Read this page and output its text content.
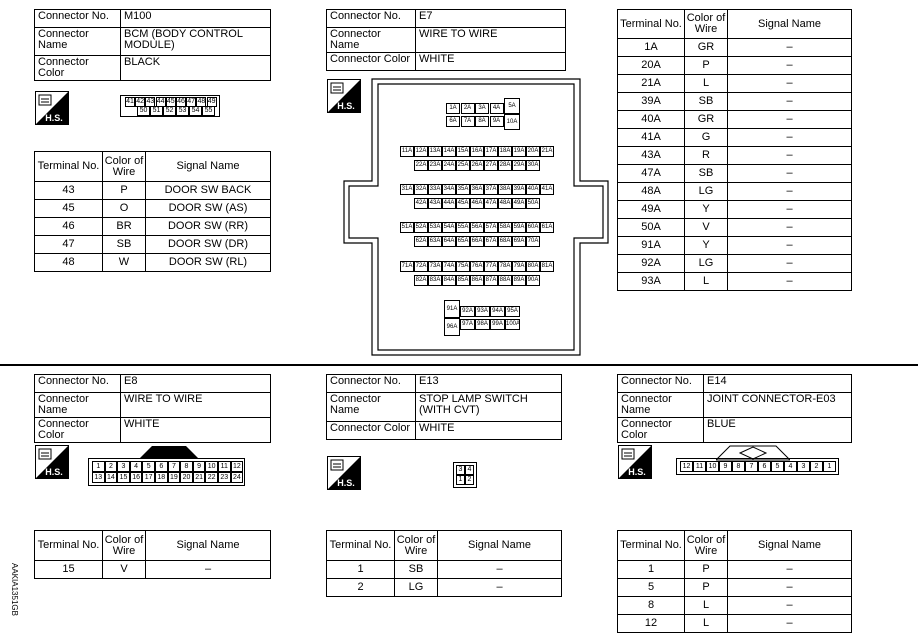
Connector No.	M100
Connector Name	BCM (BODY CONTROL MODULE)
Connector Color	BLACK
H.S.
41 42 43 44 45 46 47 48 49
50 51 52 53 54 55
Terminal No.	Color of Wire	Signal Name
43	P	DOOR SW BACK
45	O	DOOR SW (AS)
46	BR	DOOR SW (RR)
47	SB	DOOR SW (DR)
48	W	DOOR SW (RL)
Connector No.	E7
Connector Name	WIRE TO WIRE
Connector Color	WHITE
H.S.	1A	2A	3A	4A
6A	7A	8A	9A
5A
10A
11A 12A 13A 14A 15A 16A 17A 18A 19A 20A 21A
22A 23A 24A 25A 26A 27A 28A 29A 30A
31A 32A 33A 34A 35A 36A 37A 38A 39A 40A 41A
42A 43A 44A 45A 46A 47A 48A 49A 50A
51A 52A 53A 54A 55A 56A 57A 58A 59A 60A 61A
62A 63A 64A 65A 66A 67A 68A 69A 70A
71A 72A 73A 74A 75A 76A 77A 78A 79A 80A 81A
82A 83A 84A 85A 86A 87A 88A 89A 90A
91A
96A
92A 93A 94A 95A
97A 98A 99A 100A
Terminal No.	Color of Wire	Signal Name
1A	GR	–
20A	P	–
21A	L	–
39A	SB	–
40A	GR	–
41A	G	–
43A	R	–
47A	SB	–
48A	LG	–
49A	Y	–
50A	V	–
91A	Y	–
92A	LG	–
93A	L	–
Connector No.	E8
Connector Name	WIRE TO WIRE
Connector Color	WHITE
H.S.
1	2	3	4	5	6	7	8	9 10 11 12
13 14 15 16 17 18 19 20 21 22 23 24
Terminal No.	Color of Wire	Signal Name
15	V	–
Connector No.	E13
Connector Name	STOP LAMP SWITCH (WITH CVT)
Connector Color	WHITE
H.S.
3 4
1 2
Terminal No.	Color of Wire	Signal Name
1	SB	–
2	LG	–
Connector No.	E14
Connector Name	JOINT CONNECTOR-E03
Connector Color	BLUE
H.S.
12 11 10	9	8	7	6	5	4	3	2	1
Terminal No.	Color of Wire	Signal Name
1	P	–
5	P	–
8	L	–
12	L	–
AAKIA1351GB
